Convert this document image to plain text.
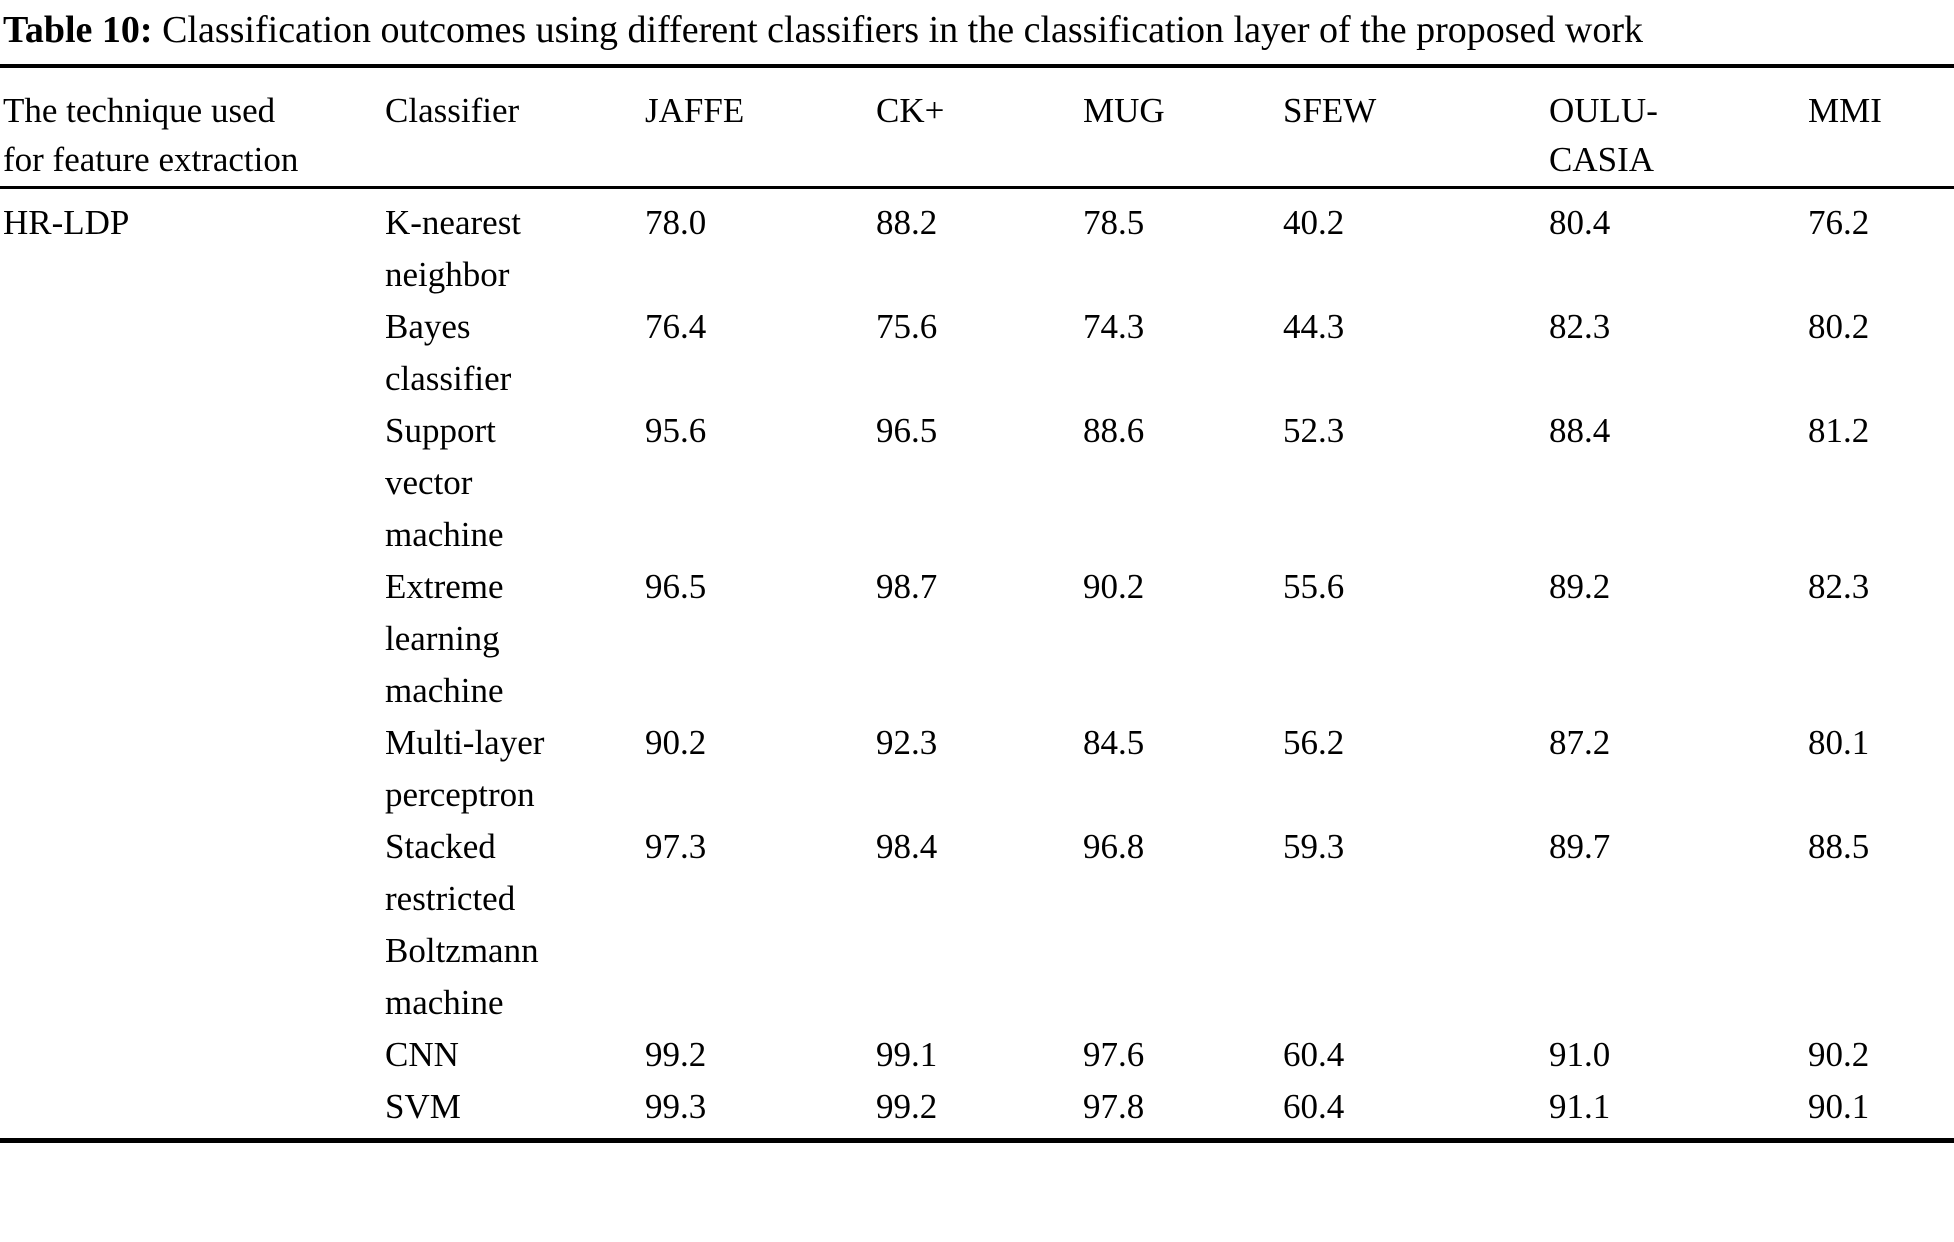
Table 10: Classification outcomes using different classifiers in the classification layer of the proposed work

The technique used for feature extraction	Classifier	JAFFE	CK+	MUG	SFEW	OULU-CASIA	MMI
HR-LDP	K-nearest neighbor	78.0	88.2	78.5	40.2	80.4	76.2
	Bayes classifier	76.4	75.6	74.3	44.3	82.3	80.2
	Support vector machine	95.6	96.5	88.6	52.3	88.4	81.2
	Extreme learning machine	96.5	98.7	90.2	55.6	89.2	82.3
	Multi-layer perceptron	90.2	92.3	84.5	56.2	87.2	80.1
	Stacked restricted Boltzmann machine	97.3	98.4	96.8	59.3	89.7	88.5
	CNN	99.2	99.1	97.6	60.4	91.0	90.2
	SVM	99.3	99.2	97.8	60.4	91.1	90.1
